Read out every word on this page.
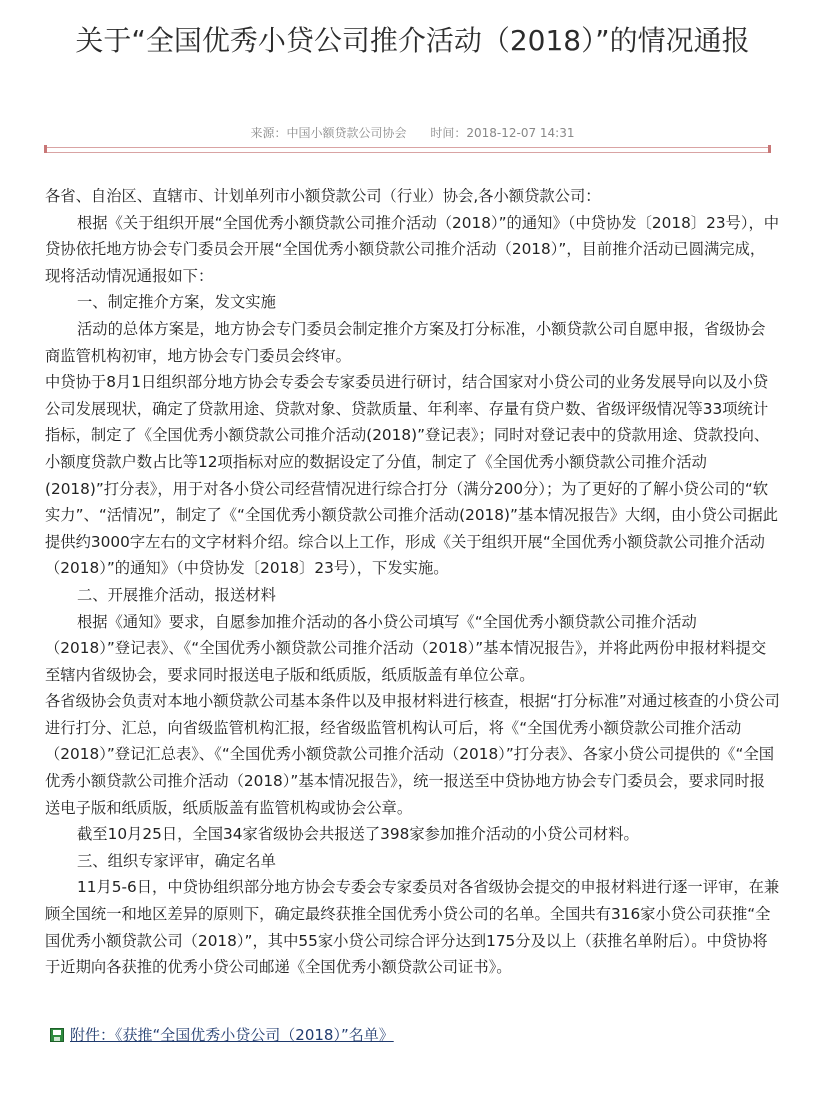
关于“全国优秀小贷公司推介活动（2018）”的情况通报
来源：中国小额贷款公司协会 时间：2018-12-07 14:31

各省、自治区、直辖市、计划单列市小额贷款公司（行业）协会,各小额贷款公司：

根据《关于组织开展“全国优秀小额贷款公司推介活动（2018）”的通知》（中贷协发〔2018〕23号），中贷协依托地方协会专门委员会开展“全国优秀小额贷款公司推介活动（2018）”，目前推介活动已圆满完成，现将活动情况通报如下：

一、制定推介方案，发文实施

活动的总体方案是，地方协会专门委员会制定推介方案及打分标准，小额贷款公司自愿申报，省级协会商监管机构初审，地方协会专门委员会终审。

中贷协于8月1日组织部分地方协会专委会专家委员进行研讨，结合国家对小贷公司的业务发展导向以及小贷公司发展现状，确定了贷款用途、贷款对象、贷款质量、年利率、存量有贷户数、省级评级情况等33项统计指标，制定了《全国优秀小额贷款公司推介活动(2018)”登记表》；同时对登记表中的贷款用途、贷款投向、小额度贷款户数占比等12项指标对应的数据设定了分值，制定了《全国优秀小额贷款公司推介活动(2018)”打分表》，用于对各小贷公司经营情况进行综合打分（满分200分）；为了更好的了解小贷公司的“软实力”、“活情况”，制定了《“全国优秀小额贷款公司推介活动(2018)”基本情况报告》大纲，由小贷公司据此提供约3000字左右的文字材料介绍。综合以上工作，形成《关于组织开展“全国优秀小额贷款公司推介活动（2018）”的通知》（中贷协发〔2018〕23号），下发实施。

二、开展推介活动，报送材料

根据《通知》要求，自愿参加推介活动的各小贷公司填写《“全国优秀小额贷款公司推介活动（2018）”登记表》、《“全国优秀小额贷款公司推介活动（2018）”基本情况报告》，并将此两份申报材料提交至辖内省级协会，要求同时报送电子版和纸质版，纸质版盖有单位公章。

各省级协会负责对本地小额贷款公司基本条件以及申报材料进行核查，根据“打分标准”对通过核查的小贷公司进行打分、汇总，向省级监管机构汇报，经省级监管机构认可后，将《“全国优秀小额贷款公司推介活动（2018）”登记汇总表》、《“全国优秀小额贷款公司推介活动（2018）”打分表》、各家小贷公司提供的《“全国优秀小额贷款公司推介活动（2018）”基本情况报告》，统一报送至中贷协地方协会专门委员会，要求同时报送电子版和纸质版，纸质版盖有监管机构或协会公章。

截至10月25日，全国34家省级协会共报送了398家参加推介活动的小贷公司材料。

三、组织专家评审，确定名单

11月5-6日，中贷协组织部分地方协会专委会专家委员对各省级协会提交的申报材料进行逐一评审，在兼顾全国统一和地区差异的原则下，确定最终获推全国优秀小贷公司的名单。全国共有316家小贷公司获推“全国优秀小额贷款公司（2018）”，其中55家小贷公司综合评分达到175分及以上（获推名单附后）。中贷协将于近期向各获推的优秀小贷公司邮递《全国优秀小额贷款公司证书》。

附件：《获推“全国优秀小贷公司（2018）”名单》
